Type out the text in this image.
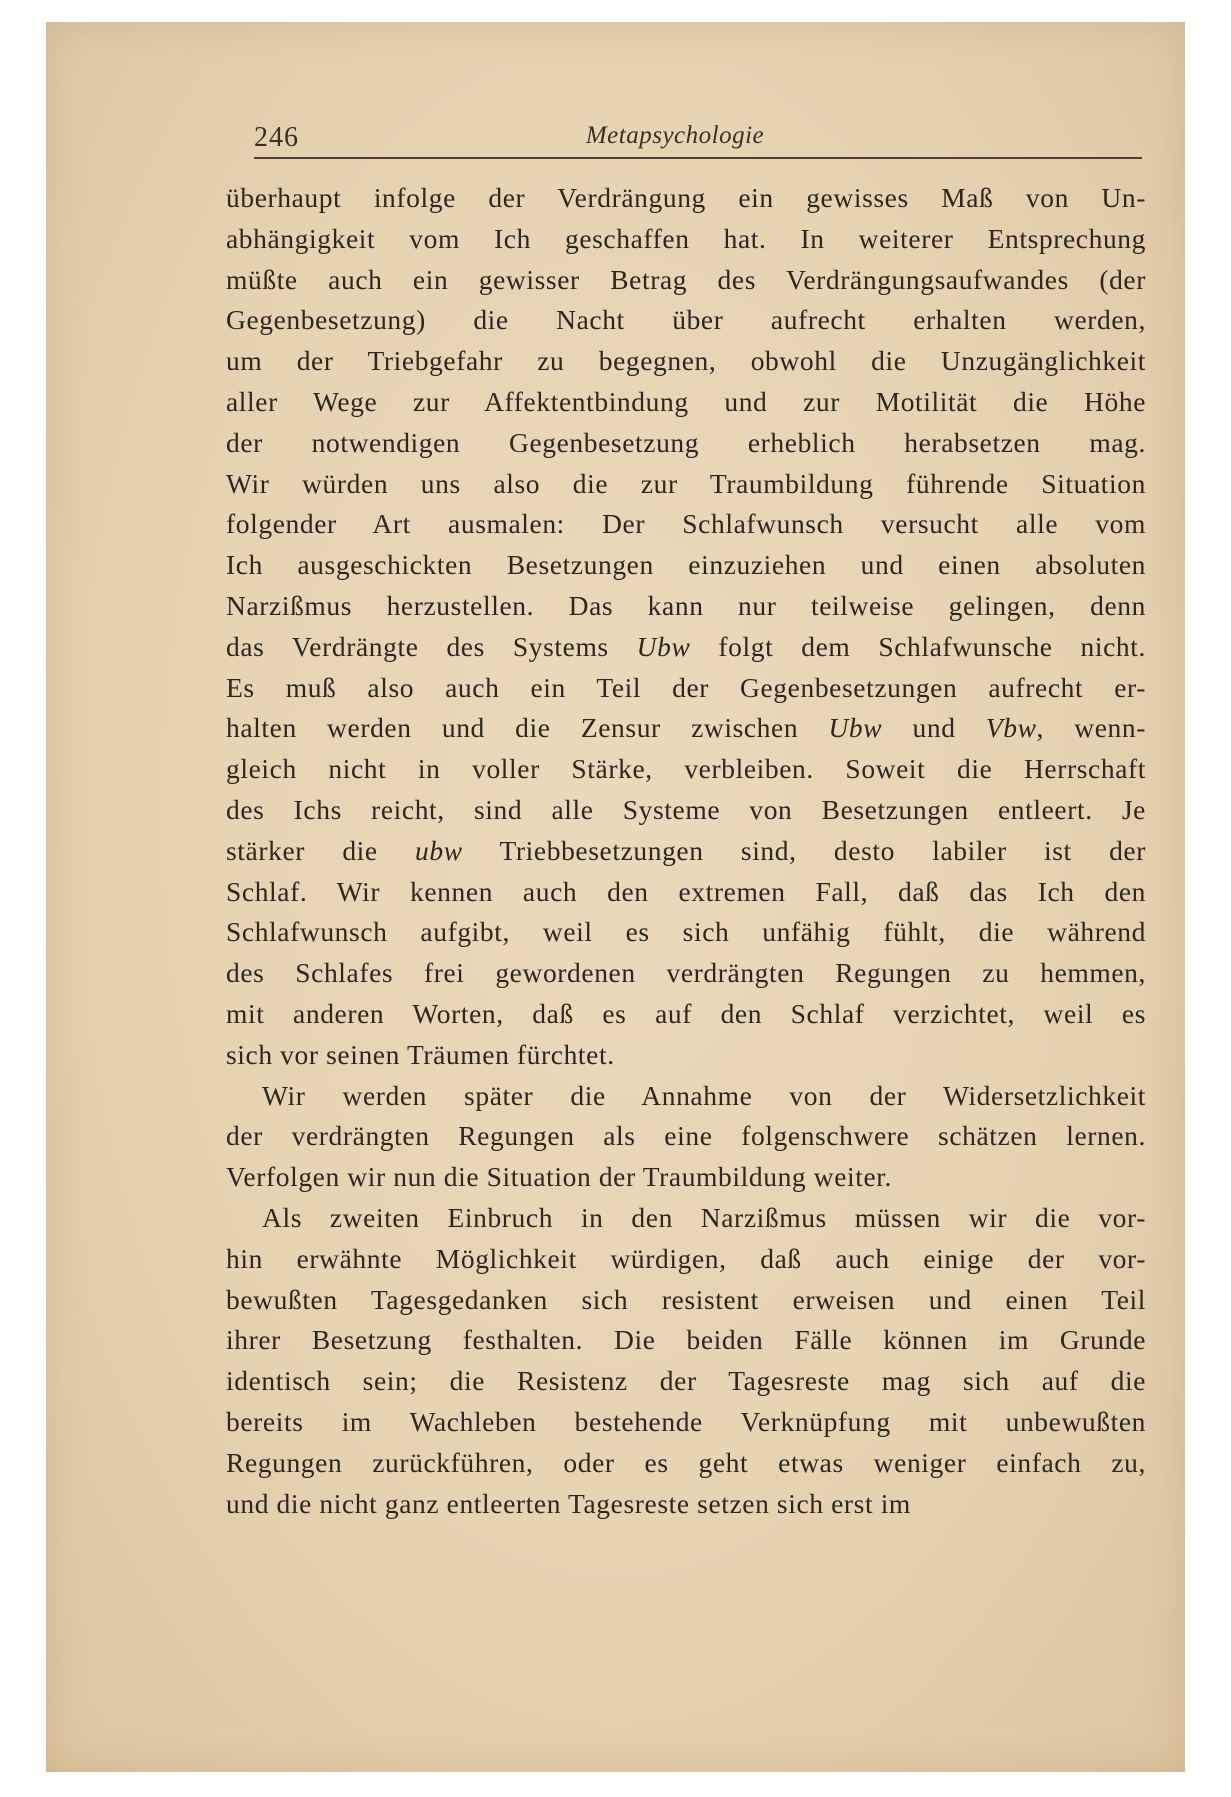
246	Metapsychologie
überhaupt infolge der Verdrängung ein gewisses Maß von Un-
abhängigkeit vom Ich geschaffen hat. In weiterer Entsprechung
müßte auch ein gewisser Betrag des Verdrängungsaufwandes (der
Gegenbesetzung) die Nacht über aufrecht erhalten werden,
um der Triebgefahr zu begegnen, obwohl die Unzugänglichkeit
aller Wege zur Affektentbindung und zur Motilität die Höhe
der notwendigen Gegenbesetzung erheblich herabsetzen mag.
Wir würden uns also die zur Traumbildung führende Situation
folgender Art ausmalen: Der Schlafwunsch versucht alle vom
Ich ausgeschickten Besetzungen einzuziehen und einen absoluten
Narzißmus herzustellen. Das kann nur teilweise gelingen, denn
das Verdrängte des Systems Ubw folgt dem Schlafwunsche nicht.
Es muß also auch ein Teil der Gegenbesetzungen aufrecht er-
halten werden und die Zensur zwischen Ubw und Vbw, wenn-
gleich nicht in voller Stärke, verbleiben. Soweit die Herrschaft
des Ichs reicht, sind alle Systeme von Besetzungen entleert. Je
stärker die ubw Triebbesetzungen sind, desto labiler ist der
Schlaf. Wir kennen auch den extremen Fall, daß das Ich den
Schlafwunsch aufgibt, weil es sich unfähig fühlt, die während
des Schlafes frei gewordenen verdrängten Regungen zu hemmen,
mit anderen Worten, daß es auf den Schlaf verzichtet, weil es
sich vor seinen Träumen fürchtet.
Wir werden später die Annahme von der Widersetzlichkeit
der verdrängten Regungen als eine folgenschwere schätzen lernen.
Verfolgen wir nun die Situation der Traumbildung weiter.
Als zweiten Einbruch in den Narzißmus müssen wir die vor-
hin erwähnte Möglichkeit würdigen, daß auch einige der vor-
bewußten Tagesgedanken sich resistent erweisen und einen Teil
ihrer Besetzung festhalten. Die beiden Fälle können im Grunde
identisch sein; die Resistenz der Tagesreste mag sich auf die
bereits im Wachleben bestehende Verknüpfung mit unbewußten
Regungen zurückführen, oder es geht etwas weniger einfach zu,
und die nicht ganz entleerten Tagesreste setzen sich erst im
